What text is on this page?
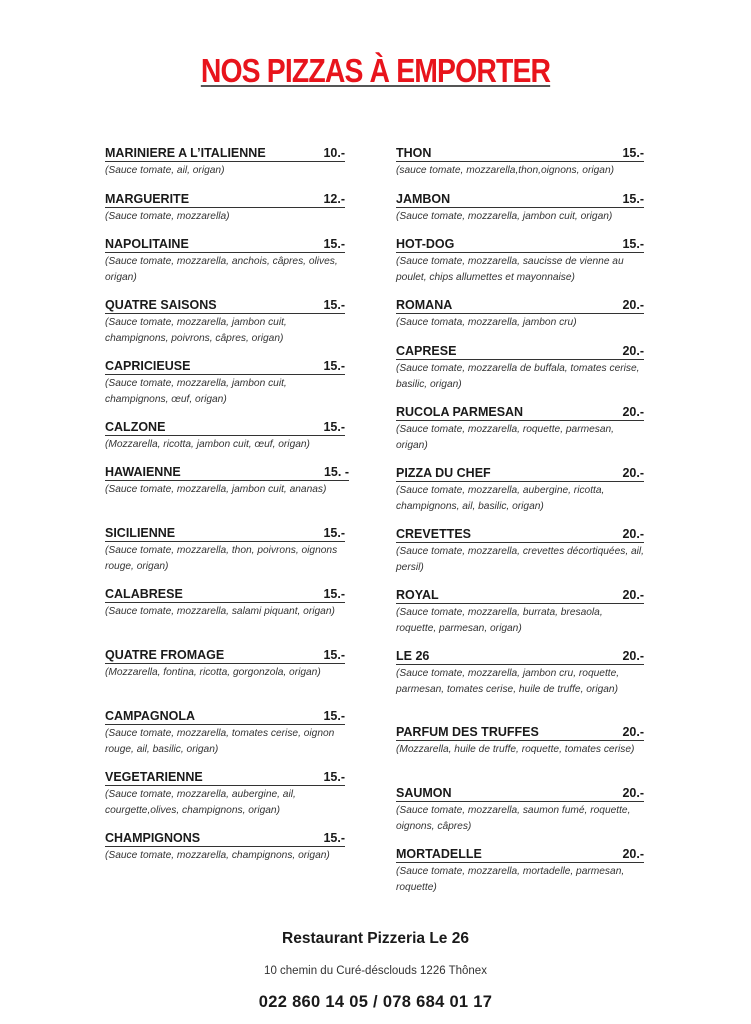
NOS PIZZAS À EMPORTER
MARINIERE A L’ITALIENNE	10.-
(Sauce tomate, ail, origan)
MARGUERITE	12.-
(Sauce tomate, mozzarella)
NAPOLITAINE	15.-
(Sauce tomate, mozzarella, anchois, câpres, olives, origan)
QUATRE SAISONS	15.-
(Sauce tomate, mozzarella, jambon cuit, champignons, poivrons, câpres, origan)
CAPRICIEUSE	15.-
(Sauce tomate, mozzarella, jambon cuit, champignons, œuf, origan)
CALZONE	15.-
(Mozzarella, ricotta, jambon cuit, œuf, origan)
HAWAIENNE	15. -
(Sauce tomate, mozzarella, jambon cuit, ananas)
SICILIENNE	15.-
(Sauce tomate, mozzarella, thon, poivrons, oignons rouge, origan)
CALABRESE	15.-
(Sauce tomate, mozzarella, salami piquant, origan)
QUATRE FROMAGE	15.-
(Mozzarella, fontina, ricotta, gorgonzola, origan)
CAMPAGNOLA	15.-
(Sauce tomate, mozzarella, tomates cerise, oignon rouge, ail, basilic, origan)
VEGETARIENNE	15.-
(Sauce tomate, mozzarella, aubergine, ail, courgette,olives, champignons, origan)
CHAMPIGNONS	15.-
(Sauce tomate, mozzarella, champignons, origan)
THON	15.-
(sauce tomate, mozzarella,thon,oignons, origan)
JAMBON	15.-
(Sauce tomate, mozzarella, jambon cuit, origan)
HOT-DOG	15.-
(Sauce tomate, mozzarella, saucisse de vienne au poulet, chips allumettes et mayonnaise)
ROMANA	20.-
(Sauce tomata, mozzarella, jambon cru)
CAPRESE	20.-
(Sauce tomate, mozzarella de buffala, tomates cerise, basilic, origan)
RUCOLA PARMESAN	20.-
(Sauce tomate, mozzarella, roquette, parmesan, origan)
PIZZA DU CHEF	20.-
(Sauce tomate, mozzarella, aubergine, ricotta, champignons, ail, basilic, origan)
CREVETTES	20.-
(Sauce tomate, mozzarella, crevettes décortiquées, ail, persil)
ROYAL	20.-
(Sauce tomate, mozzarella, burrata, bresaola, roquette, parmesan, origan)
LE 26	20.-
(Sauce tomate, mozzarella, jambon cru, roquette, parmesan, tomates cerise, huile de truffe, origan)
PARFUM DES TRUFFES	20.-
(Mozzarella, huile de truffe, roquette, tomates cerise)
SAUMON	20.-
(Sauce tomate, mozzarella, saumon fumé, roquette, oignons, câpres)
MORTADELLE	20.-
(Sauce tomate, mozzarella, mortadelle, parmesan, roquette)
Restaurant Pizzeria Le 26
10 chemin du Curé-désclouds 1226 Thônex
022 860 14 05 / 078 684 01 17
